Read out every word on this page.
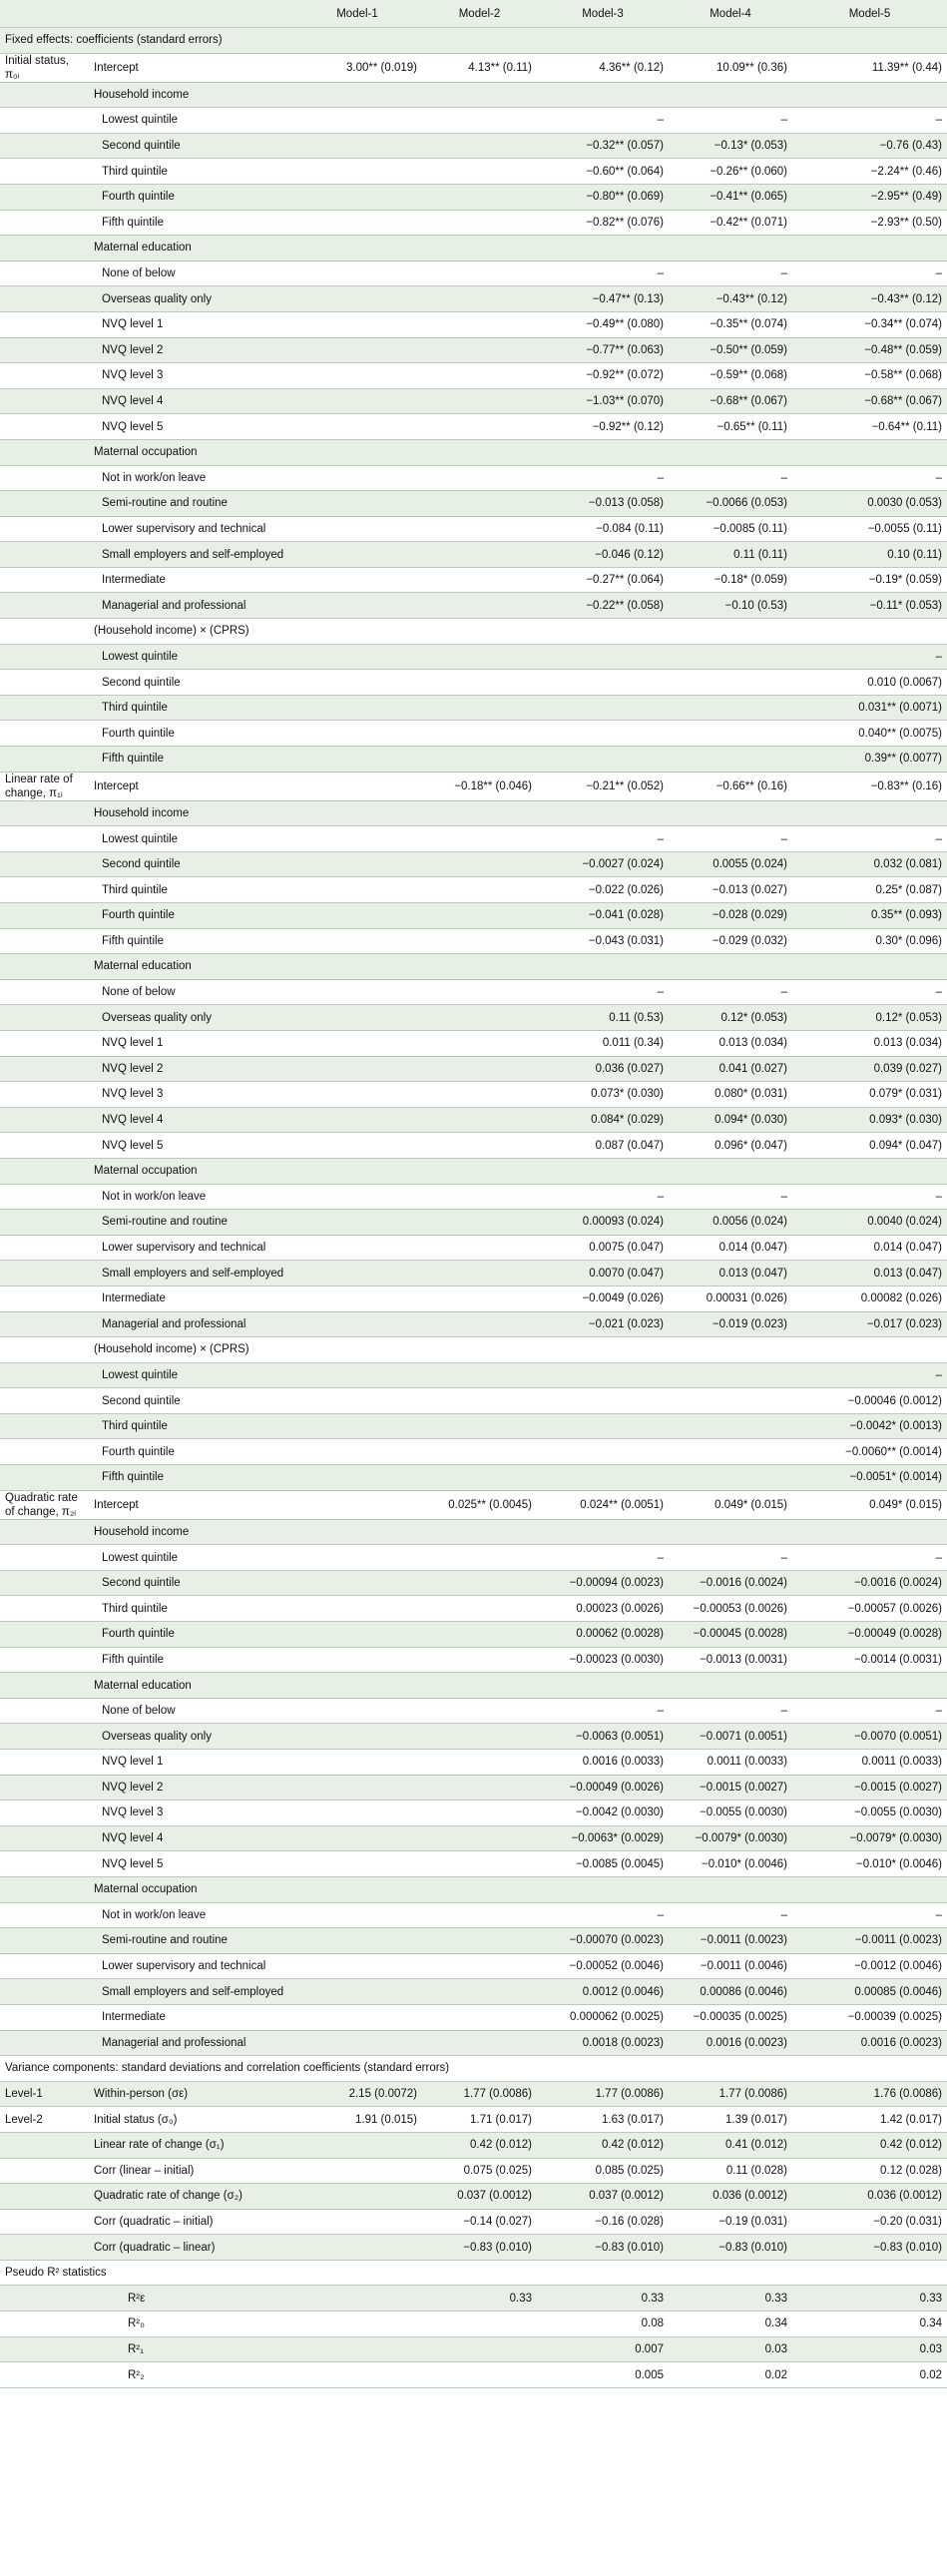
		Model-1	Model-2	Model-3	Model-4	Model-5
Fixed effects: coefficients (standard errors)						

Initial status, π₀ᵢ	Intercept	3.00** (0.019)	4.13** (0.11)	4.36** (0.12)	10.09** (0.36)	11.39** (0.44)
	Household income					
	Lowest quintile			–	–	–
	Second quintile			−0.32** (0.057)	−0.13* (0.053)	−0.76 (0.43)
	Third quintile			−0.60** (0.064)	−0.26** (0.060)	−2.24** (0.46)
	Fourth quintile			−0.80** (0.069)	−0.41** (0.065)	−2.95** (0.49)
	Fifth quintile			−0.82** (0.076)	−0.42** (0.071)	−2.93** (0.50)
	Maternal education					
	None of below			–	–	–
	Overseas quality only			−0.47** (0.13)	−0.43** (0.12)	−0.43** (0.12)
	NVQ level 1			−0.49** (0.080)	−0.35** (0.074)	−0.34** (0.074)
	NVQ level 2			−0.77** (0.063)	−0.50** (0.059)	−0.48** (0.059)
	NVQ level 3			−0.92** (0.072)	−0.59** (0.068)	−0.58** (0.068)
	NVQ level 4			−1.03** (0.070)	−0.68** (0.067)	−0.68** (0.067)
	NVQ level 5			−0.92** (0.12)	−0.65** (0.11)	−0.64** (0.11)
	Maternal occupation					
	Not in work/on leave			–	–	–
	Semi-routine and routine			−0.013 (0.058)	−0.0066 (0.053)	0.0030 (0.053)
	Lower supervisory and technical			−0.084 (0.11)	−0.0085 (0.11)	−0.0055 (0.11)
	Small employers and self-employed			−0.046 (0.12)	0.11 (0.11)	0.10 (0.11)
	Intermediate			−0.27** (0.064)	−0.18* (0.059)	−0.19* (0.059)
	Managerial and professional			−0.22** (0.058)	−0.10 (0.53)	−0.11* (0.053)
	(Household income) × (CPRS)					
	Lowest quintile					–
	Second quintile					0.010 (0.0067)
	Third quintile					0.031** (0.0071)
	Fourth quintile					0.040** (0.0075)
	Fifth quintile					0.39** (0.0077)

Linear rate of change, π₁ᵢ	Intercept		−0.18** (0.046)	−0.21** (0.052)	−0.66** (0.16)	−0.83** (0.16)
	Household income					
	Lowest quintile			–	–	–
	Second quintile			−0.0027 (0.024)	0.0055 (0.024)	0.032 (0.081)
	Third quintile			−0.022 (0.026)	−0.013 (0.027)	0.25* (0.087)
	Fourth quintile			−0.041 (0.028)	−0.028 (0.029)	0.35** (0.093)
	Fifth quintile			−0.043 (0.031)	−0.029 (0.032)	0.30* (0.096)
	Maternal education					
	None of below			–	–	–
	Overseas quality only			0.11 (0.53)	0.12* (0.053)	0.12* (0.053)
	NVQ level 1			0.011 (0.34)	0.013 (0.034)	0.013 (0.034)
	NVQ level 2			0.036 (0.027)	0.041 (0.027)	0.039 (0.027)
	NVQ level 3			0.073* (0.030)	0.080* (0.031)	0.079* (0.031)
	NVQ level 4			0.084* (0.029)	0.094* (0.030)	0.093* (0.030)
	NVQ level 5			0.087 (0.047)	0.096* (0.047)	0.094* (0.047)
	Maternal occupation					
	Not in work/on leave			–	–	–
	Semi-routine and routine			0.00093 (0.024)	0.0056 (0.024)	0.0040 (0.024)
	Lower supervisory and technical			0.0075 (0.047)	0.014 (0.047)	0.014 (0.047)
	Small employers and self-employed			0.0070 (0.047)	0.013 (0.047)	0.013 (0.047)
	Intermediate			−0.0049 (0.026)	0.00031 (0.026)	0.00082 (0.026)
	Managerial and professional			−0.021 (0.023)	−0.019 (0.023)	−0.017 (0.023)
	(Household income) × (CPRS)					
	Lowest quintile					–
	Second quintile					−0.00046 (0.0012)
	Third quintile					−0.0042* (0.0013)
	Fourth quintile					−0.0060** (0.0014)
	Fifth quintile					−0.0051* (0.0014)

Quadratic rate of change, π₂ᵢ	Intercept		0.025** (0.0045)	0.024** (0.0051)	0.049* (0.015)	0.049* (0.015)
	Household income					
	Lowest quintile			–	–	–
	Second quintile			−0.00094 (0.0023)	−0.0016 (0.0024)	−0.0016 (0.0024)
	Third quintile			0.00023 (0.0026)	−0.00053 (0.0026)	−0.00057 (0.0026)
	Fourth quintile			0.00062 (0.0028)	−0.00045 (0.0028)	−0.00049 (0.0028)
	Fifth quintile			−0.00023 (0.0030)	−0.0013 (0.0031)	−0.0014 (0.0031)
	Maternal education					
	None of below			–	–	–
	Overseas quality only			−0.0063 (0.0051)	−0.0071 (0.0051)	−0.0070 (0.0051)
	NVQ level 1			0.0016 (0.0033)	0.0011 (0.0033)	0.0011 (0.0033)
	NVQ level 2			−0.00049 (0.0026)	−0.0015 (0.0027)	−0.0015 (0.0027)
	NVQ level 3			−0.0042 (0.0030)	−0.0055 (0.0030)	−0.0055 (0.0030)
	NVQ level 4			−0.0063* (0.0029)	−0.0079* (0.0030)	−0.0079* (0.0030)
	NVQ level 5			−0.0085 (0.0045)	−0.010* (0.0046)	−0.010* (0.0046)
	Maternal occupation					
	Not in work/on leave			–	–	–
	Semi-routine and routine			−0.00070 (0.0023)	−0.0011 (0.0023)	−0.0011 (0.0023)
	Lower supervisory and technical			−0.00052 (0.0046)	−0.0011 (0.0046)	−0.0012 (0.0046)
	Small employers and self-employed			0.0012 (0.0046)	0.00086 (0.0046)	0.00085 (0.0046)
	Intermediate			0.000062 (0.0025)	−0.00035 (0.0025)	−0.00039 (0.0025)
	Managerial and professional			0.0018 (0.0023)	0.0016 (0.0023)	0.0016 (0.0023)
Variance components: standard deviations and correlation coefficients (standard errors)						

Level-1	Within-person (σε)	2.15 (0.0072)	1.77 (0.0086)	1.77 (0.0086)	1.77 (0.0086)	1.76 (0.0086)

Level-2	Initial status (σ₀)	1.91 (0.015)	1.71 (0.017)	1.63 (0.017)	1.39 (0.017)	1.42 (0.017)
	Linear rate of change (σ₁)		0.42 (0.012)	0.42 (0.012)	0.41 (0.012)	0.42 (0.012)
	Corr (linear – initial)		0.075 (0.025)	0.085 (0.025)	0.11 (0.028)	0.12 (0.028)
	Quadratic rate of change (σ₂)		0.037 (0.0012)	0.037 (0.0012)	0.036 (0.0012)	0.036 (0.0012)
	Corr (quadratic – initial)		−0.14 (0.027)	−0.16 (0.028)	−0.19 (0.031)	−0.20 (0.031)
	Corr (quadratic – linear)		−0.83 (0.010)	−0.83 (0.010)	−0.83 (0.010)	−0.83 (0.010)
Pseudo R² statistics						
	R²ε		0.33	0.33	0.33	0.33
	R²₀			0.08	0.34	0.34
	R²₁			0.007	0.03	0.03
	R²₂			0.005	0.02	0.02
